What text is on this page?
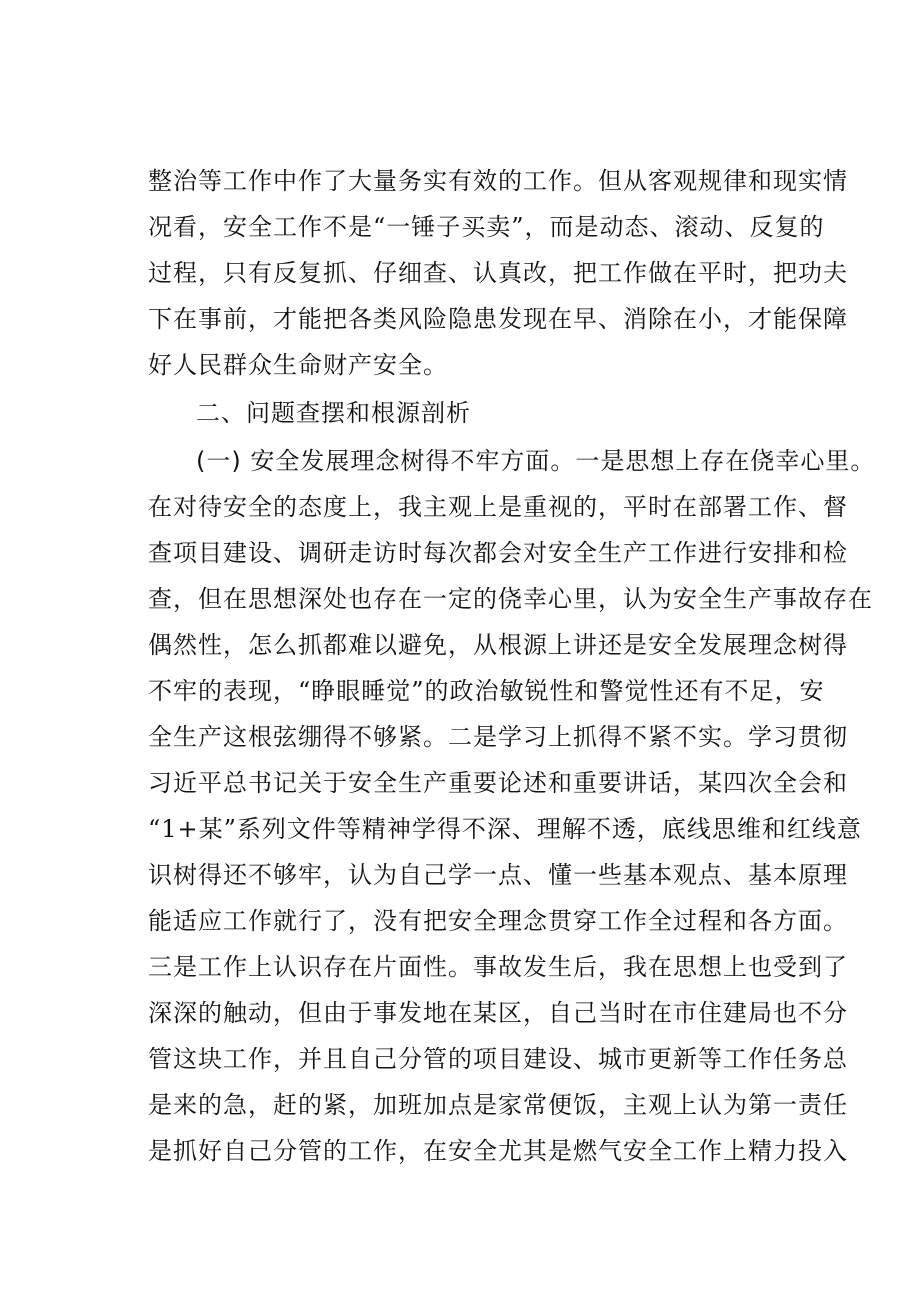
整治等工作中作了大量务实有效的工作。但从客观规律和现实情
况看，安全工作不是“一锤子买卖”，而是动态、滚动、反复的
过程，只有反复抓、仔细查、认真改，把工作做在平时，把功夫
下在事前，才能把各类风险隐患发现在早、消除在小，才能保障
好人民群众生命财产安全。
二、问题查摆和根源剖析
(一) 安全发展理念树得不牢方面。一是思想上存在侥幸心里。
在对待安全的态度上，我主观上是重视的，平时在部署工作、督
查项目建设、调研走访时每次都会对安全生产工作进行安排和检
查，但在思想深处也存在一定的侥幸心里，认为安全生产事故存在
偶然性，怎么抓都难以避免，从根源上讲还是安全发展理念树得
不牢的表现，“睁眼睡觉”的政治敏锐性和警觉性还有不足，安
全生产这根弦绷得不够紧。二是学习上抓得不紧不实。学习贯彻
习近平总书记关于安全生产重要论述和重要讲话，某四次全会和
“1+某”系列文件等精神学得不深、理解不透，底线思维和红线意
识树得还不够牢，认为自己学一点、懂一些基本观点、基本原理
能适应工作就行了，没有把安全理念贯穿工作全过程和各方面。
三是工作上认识存在片面性。事故发生后，我在思想上也受到了
深深的触动，但由于事发地在某区，自己当时在市住建局也不分
管这块工作，并且自己分管的项目建设、城市更新等工作任务总
是来的急，赶的紧，加班加点是家常便饭，主观上认为第一责任
是抓好自己分管的工作，在安全尤其是燃气安全工作上精力投入
